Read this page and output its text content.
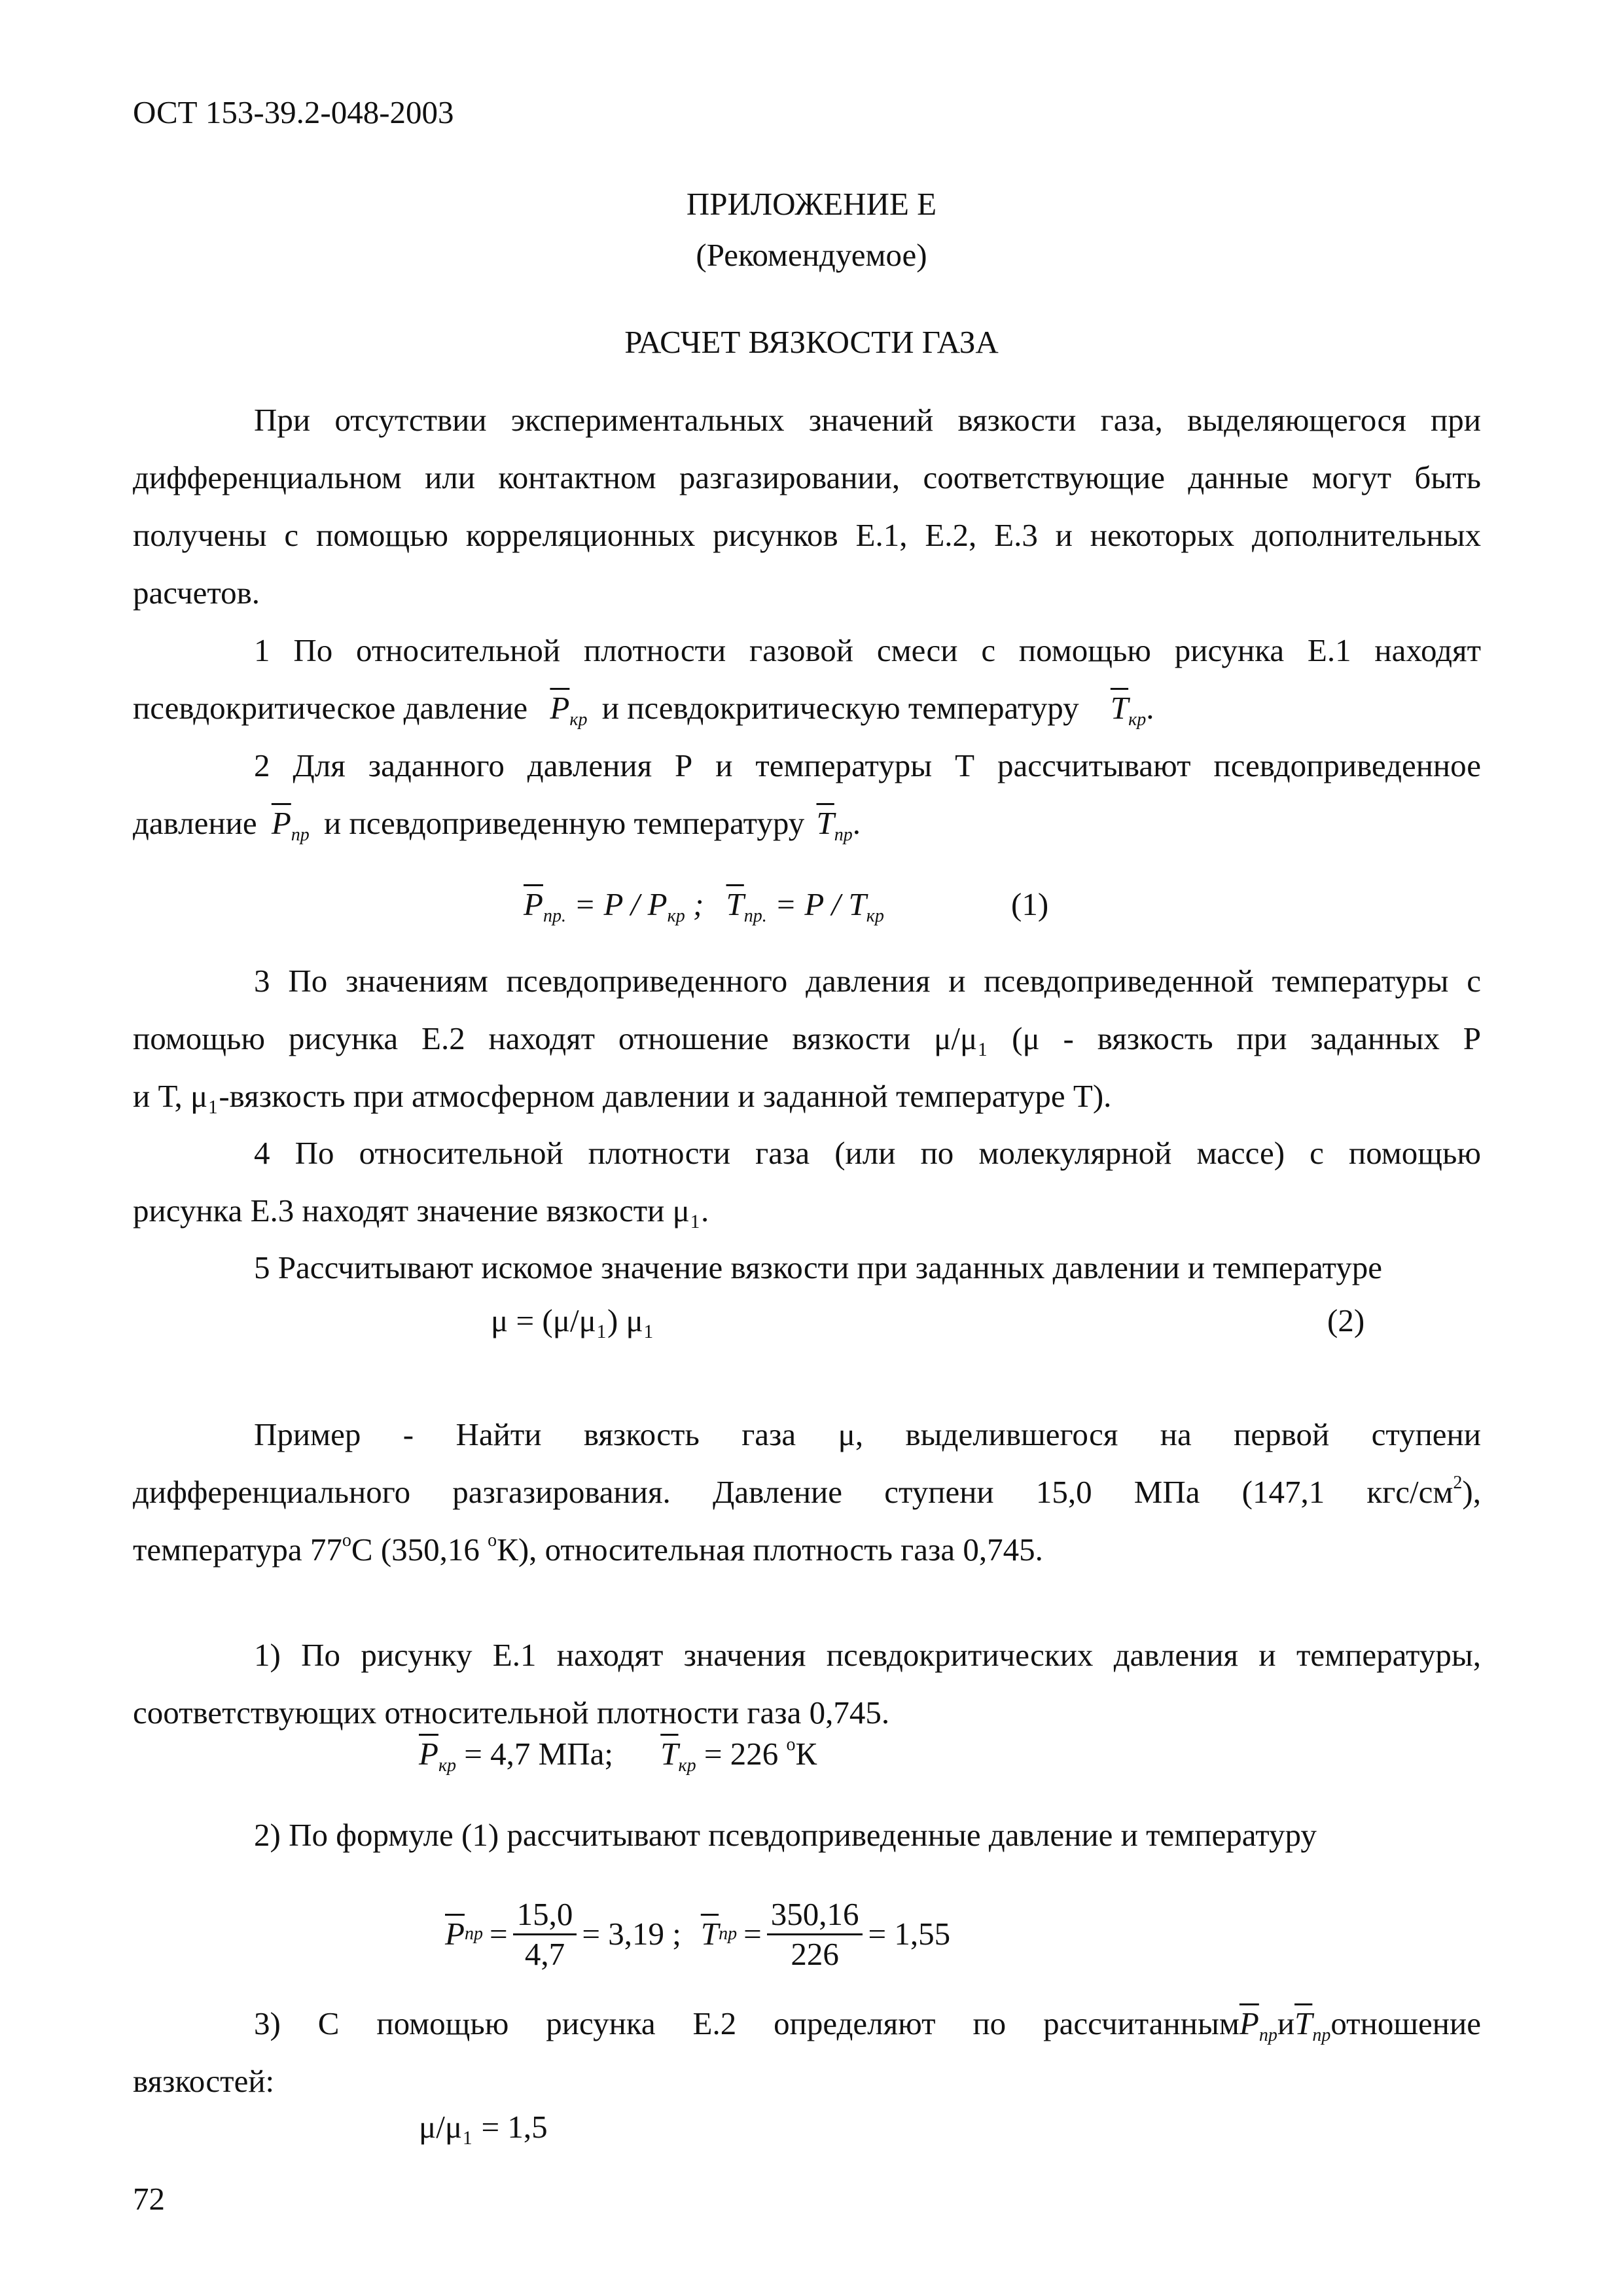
ОСТ 153-39.2-048-2003
ПРИЛОЖЕНИЕ Е
(Рекомендуемое)
РАСЧЕТ ВЯЗКОСТИ ГАЗА
При отсутствии экспериментальных значений вязкости газа, выделяющегося при
дифференциальном или контактном разгазировании, соответствующие данные могут быть
получены с помощью корреляционных рисунков Е.1, Е.2, Е.3 и некоторых дополнительных
расчетов.
1 По относительной плотности газовой смеси с помощью рисунка Е.1 находят
псевдокритическое давление $\overline{P}_{кр}$ и псевдокритическую температуру $\overline{T}_{кр}$.
2 Для заданного давления Р и температуры Т рассчитывают псевдоприведенное
давление $\overline{P}_{пр}$ и псевдоприведенную температуру $\overline{T}_{пр}$.
$\overline{P}_{пр.} = P / P_{кр}$ ; $\overline{T}_{пр.} = P / T_{кр}$	(1)
3 По значениям псевдоприведенного давления и псевдоприведенной температуры с
помощью рисунка Е.2 находят отношение вязкости μ/μ₁ (μ - вязкость при заданных Р
и Т, μ₁-вязкость при атмосферном давлении и заданной температуре Т).
4 По относительной плотности газа (или по молекулярной массе) с помощью
рисунка Е.3 находят значение вязкости μ₁.
5 Рассчитывают искомое значение вязкости при заданных давлении и температуре
μ = (μ/μ₁) μ₁	(2)
Пример - Найти вязкость газа μ, выделившегося на первой ступени
дифференциального разгазирования. Давление ступени 15,0 МПа (147,1 кгс/$см^2$),
температура $77^оС$ (350,16 $^о$К), относительная плотность газа 0,745.
1) По рисунку Е.1 находят значения псевдокритических давления и температуры,
соответствующих относительной плотности газа 0,745.
$\overline{P}_{кр} = 4,7$ МПа; $\overline{T}_{кр} = 226$ $^о$К
2) По формуле (1) рассчитывают псевдоприведенные давление и температуру
$\overline{P}$ пр = $\frac{15,0}{4,7} = 3,19$ ; $\overline{T}$ пр = $\frac{350,16}{226} = 1,55$
3) С помощью рисунка Е.2 определяют по $рассчитанным\overline{P}_{пр}и\overline{T}_{пр}отношение$
вязкостей:
μ/μ₁ = 1,5
72
